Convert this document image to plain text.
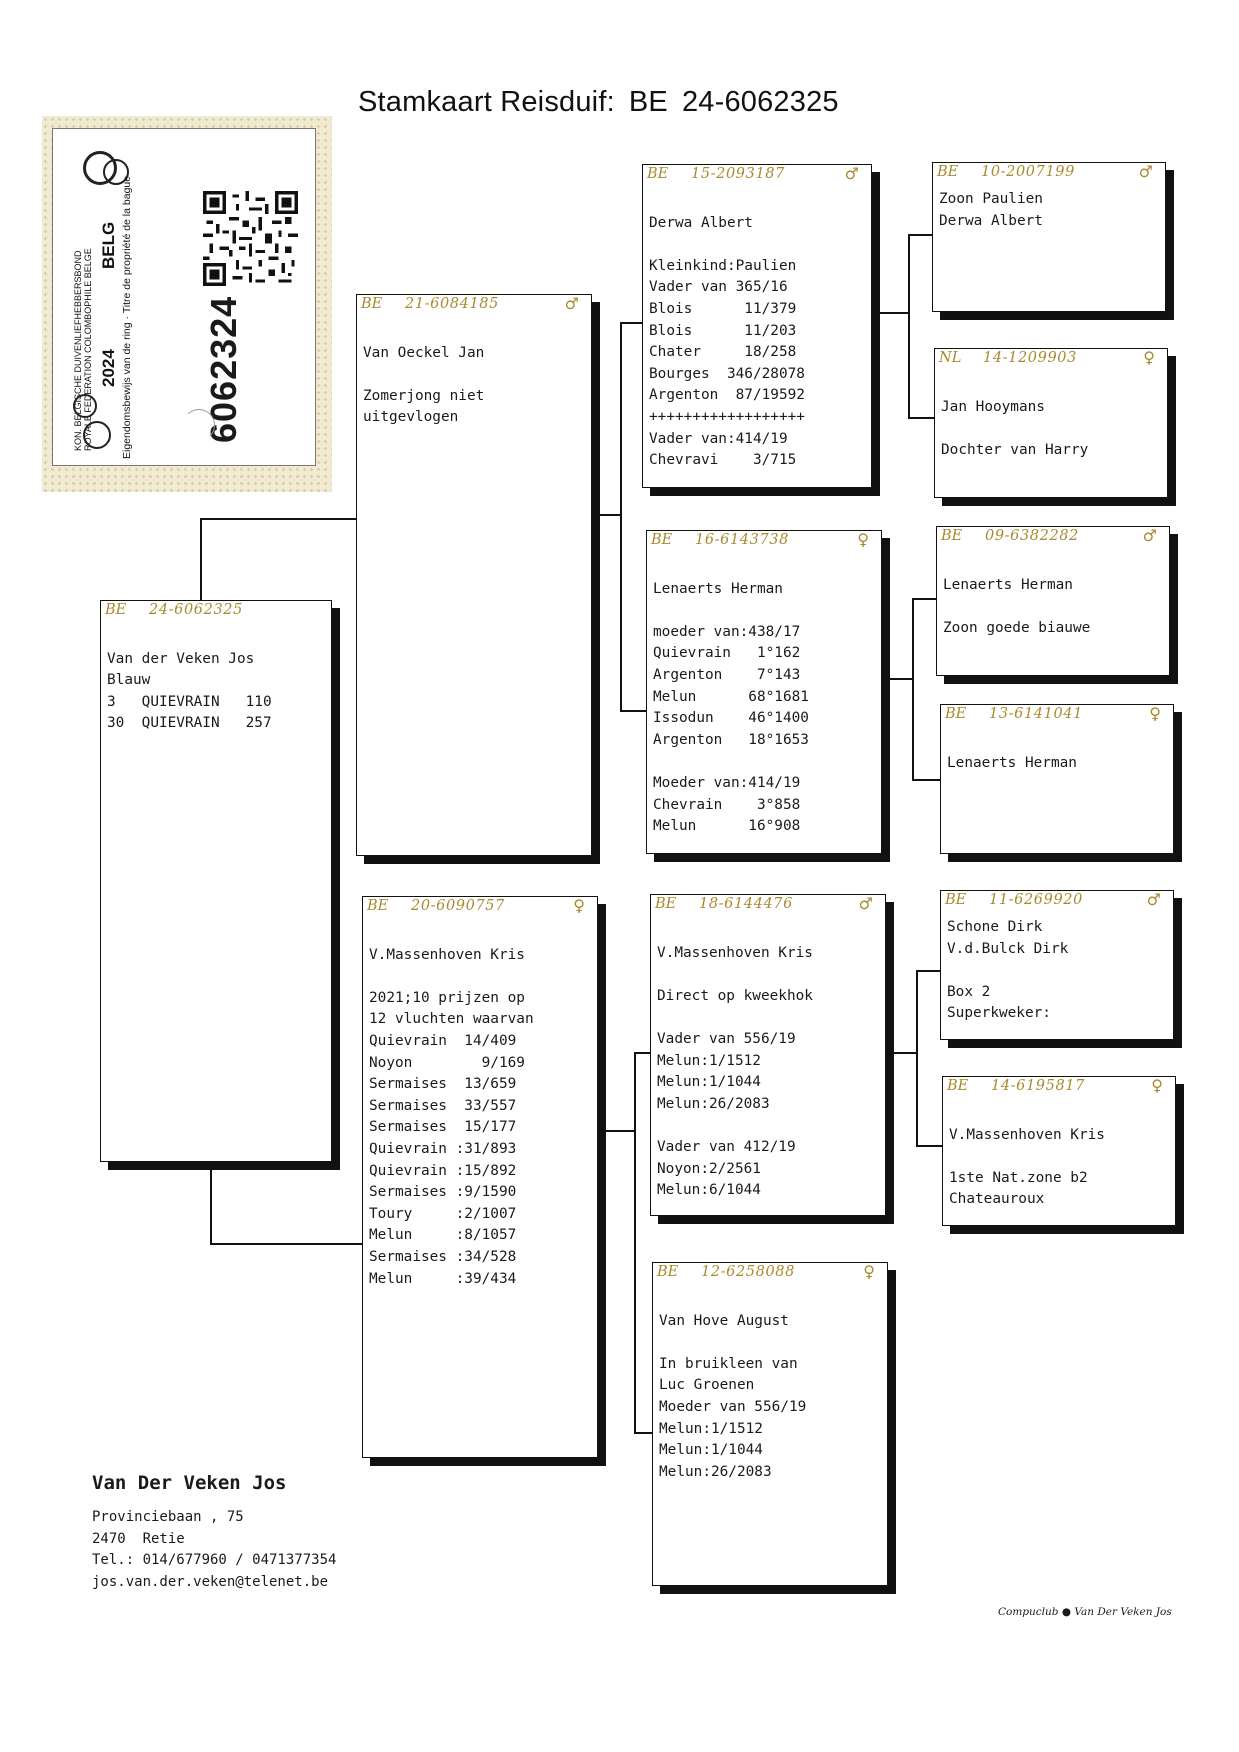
Stamkaart Reisduif: BE 24-6062325
KON. BELGISCHE DUIVENLIEFHEBBERSBOND ROYALE FEDERATION COLOMBOPHILE BELGE 2024
BELG Eigendomsbewijs van de ring · Titre de propriété de la bague 6062324
BE 24-6062325
Van der Veken Jos
Blauw
3   QUIEVRAIN   110
30  QUIEVRAIN   257
BE 21-6084185	♂
Van Oeckel Jan
Zomerjong niet
uitgevlogen
BE 20-6090757	♀
V.Massenhoven Kris
2021;10 prijzen op
12 vluchten waarvan
Quievrain  14/409
Noyon        9/169
Sermaises  13/659
Sermaises  33/557
Sermaises  15/177
Quievrain :31/893
Quievrain :15/892
Sermaises :9/1590
Toury     :2/1007
Melun     :8/1057
Sermaises :34/528
Melun     :39/434
BE 15-2093187	♂
Derwa Albert
Kleinkind:Paulien
Vader van 365/16
Blois      11/379
Blois      11/203
Chater     18/258
Bourges  346/28078
Argenton  87/19592
++++++++++++++++++
Vader van:414/19
Chevravi    3/715
BE 16-6143738	♀
Lenaerts Herman
moeder van:438/17
Quievrain   1°162
Argenton    7°143
Melun      68°1681
Issodun    46°1400
Argenton   18°1653
Moeder van:414/19
Chevrain    3°858
Melun      16°908
BE 18-6144476	♂
V.Massenhoven Kris
Direct op kweekhok
Vader van 556/19
Melun:1/1512
Melun:1/1044
Melun:26/2083
Vader van 412/19
Noyon:2/2561
Melun:6/1044
BE 12-6258088	♀
Van Hove August
In bruikleen van
Luc Groenen
Moeder van 556/19
Melun:1/1512
Melun:1/1044
Melun:26/2083
BE 10-2007199	♂
Zoon Paulien
Derwa Albert
NL 14-1209903	♀
Jan Hooymans
Dochter van Harry
BE 09-6382282	♂
Lenaerts Herman
Zoon goede biauwe
BE 13-6141041	♀
Lenaerts Herman
BE 11-6269920	♂
Schone Dirk
V.d.Bulck Dirk
Box 2
Superkweker:
BE 14-6195817	♀
V.Massenhoven Kris
1ste Nat.zone b2
Chateauroux
Van Der Veken Jos
Provinciebaan , 75
2470  Retie
Tel.: 014/677960 / 0471377354
jos.van.der.veken@telenet.be
Compuclub ● Van Der Veken Jos
